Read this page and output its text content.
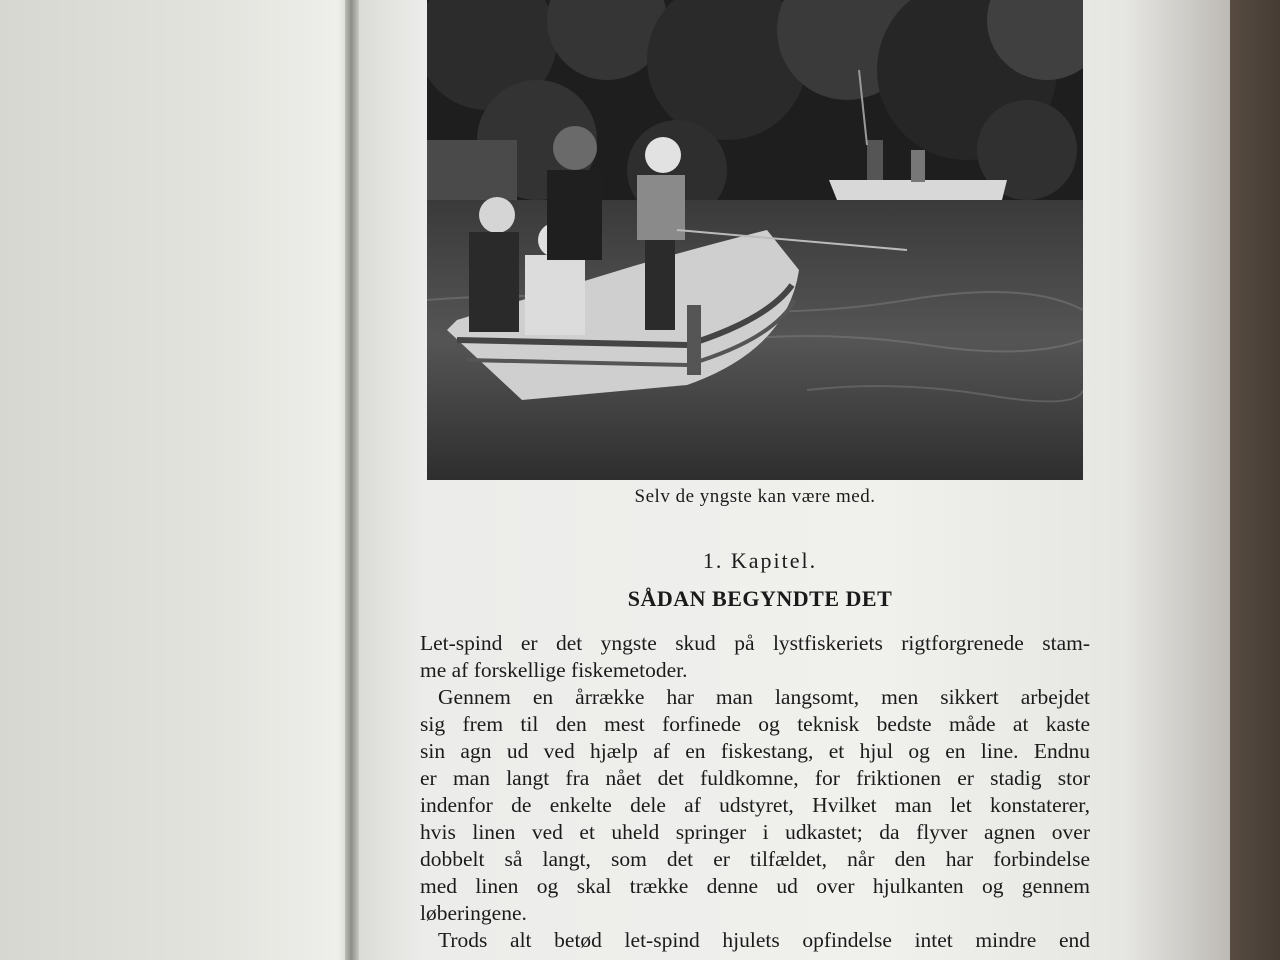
Selv de yngste kan være med.
1. Kapitel.
SÅDAN BEGYNDTE DET

Let-spind er det yngste skud på lystfiskeriets rigtforgrenede stam-
me af forskellige fiskemetoder.

Gennem en årrække har man langsomt, men sikkert arbejdet
sig frem til den mest forfinede og teknisk bedste måde at kaste
sin agn ud ved hjælp af en fiskestang, et hjul og en line. Endnu
er man langt fra nået det fuldkomne, for friktionen er stadig stor
indenfor de enkelte dele af udstyret, Hvilket man let konstaterer,
hvis linen ved et uheld springer i udkastet; da flyver agnen over
dobbelt så langt, som det er tilfældet, når den har forbindelse
med linen og skal trække denne ud over hjulkanten og gennem
løberingene.

Trods alt betød let-spind hjulets opfindelse intet mindre end
